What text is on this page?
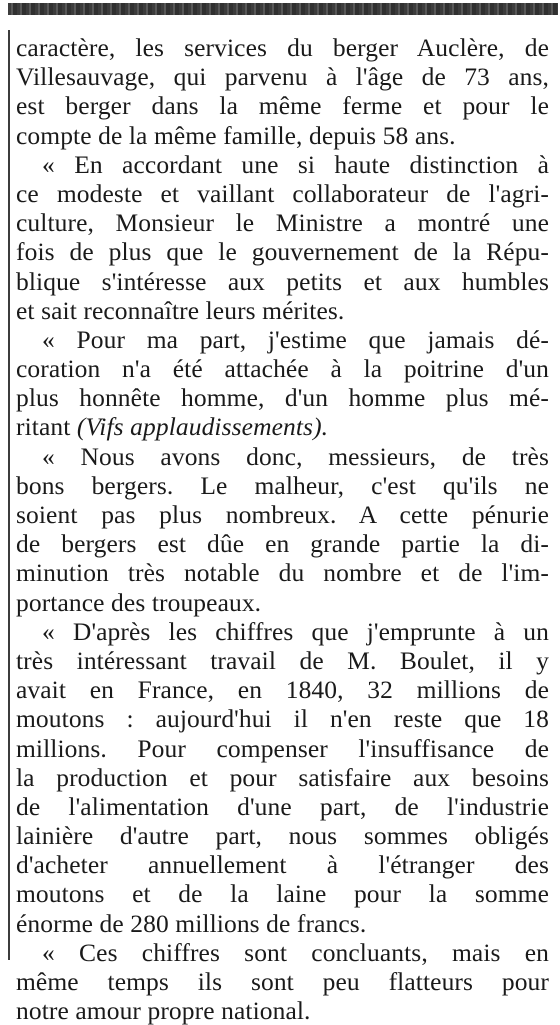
caractère, les services du berger Auclère, de
Villesauvage, qui parvenu à l'âge de 73 ans,
est berger dans la même ferme et pour le
compte de la même famille, depuis 58 ans.
« En accordant une si haute distinction à
ce modeste et vaillant collaborateur de l'agri-
culture, Monsieur le Ministre a montré une
fois de plus que le gouvernement de la Répu-
blique s'intéresse aux petits et aux humbles
et sait reconnaître leurs mérites.
« Pour ma part, j'estime que jamais dé-
coration n'a été attachée à la poitrine d'un
plus honnête homme, d'un homme plus mé-
ritant (Vifs applaudissements).
« Nous avons donc, messieurs, de très
bons bergers. Le malheur, c'est qu'ils ne
soient pas plus nombreux. A cette pénurie
de bergers est dûe en grande partie la di-
minution très notable du nombre et de l'im-
portance des troupeaux.
« D'après les chiffres que j'emprunte à un
très intéressant travail de M. Boulet, il y
avait en France, en 1840, 32 millions de
moutons : aujourd'hui il n'en reste que 18
millions. Pour compenser l'insuffisance de
la production et pour satisfaire aux besoins
de l'alimentation d'une part, de l'industrie
lainière d'autre part, nous sommes obligés
d'acheter annuellement à l'étranger des
moutons et de la laine pour la somme
énorme de 280 millions de francs.
« Ces chiffres sont concluants, mais en
même temps ils sont peu flatteurs pour
notre amour propre national.
